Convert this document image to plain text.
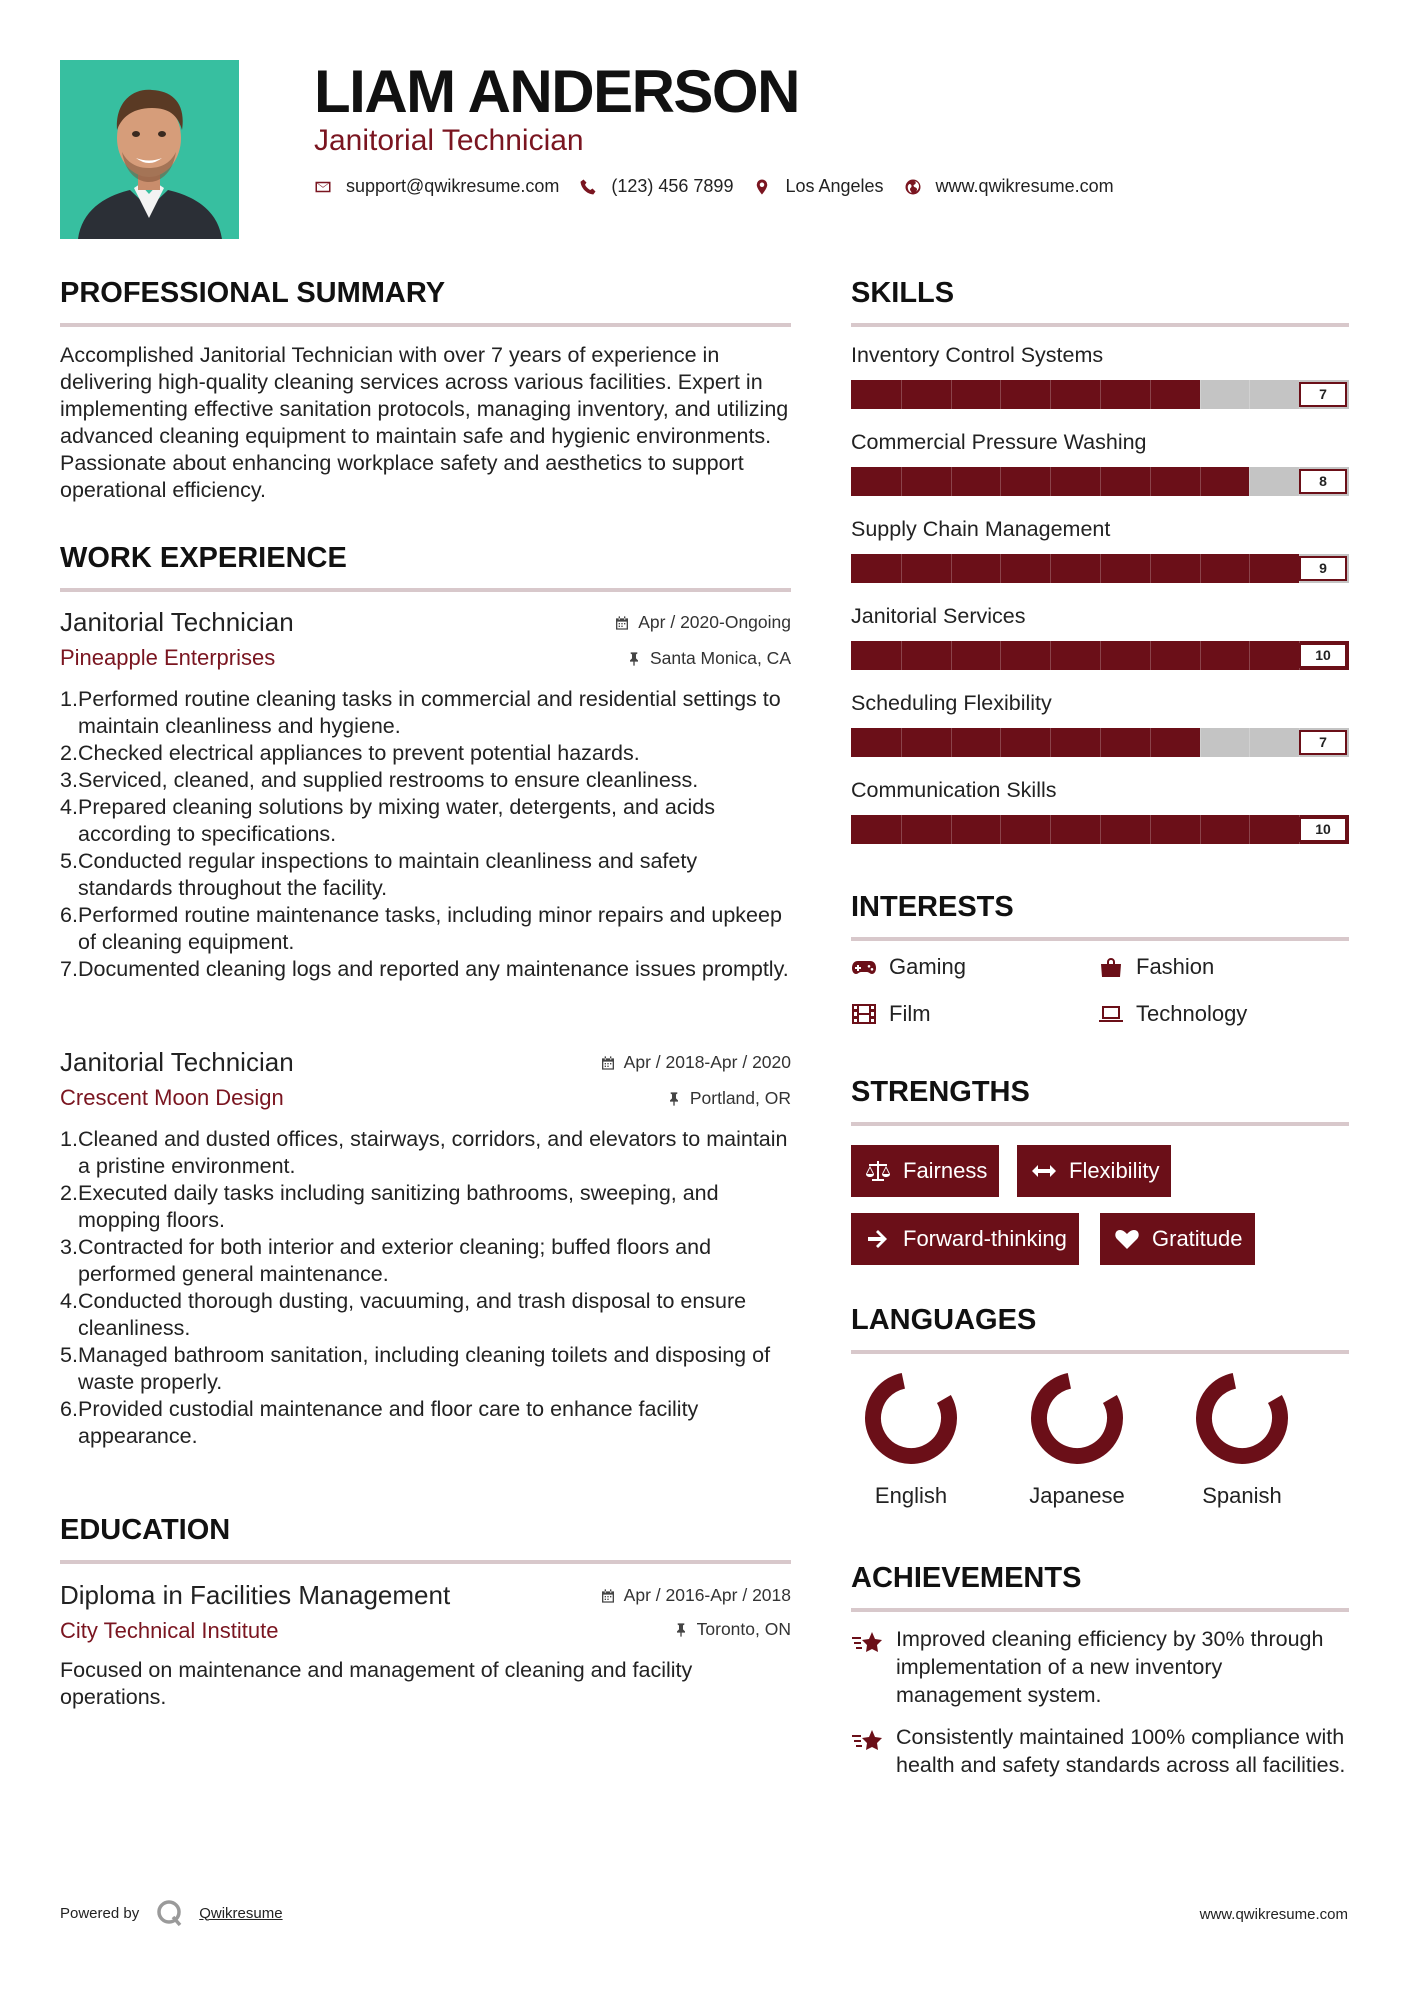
LIAM ANDERSON
Janitorial Technician
support@qwikresume.com	(123) 456 7899	Los Angeles	www.qwikresume.com
PROFESSIONAL SUMMARY
Accomplished Janitorial Technician with over 7 years of experience in delivering high-quality cleaning services across various facilities. Expert in implementing effective sanitation protocols, managing inventory, and utilizing advanced cleaning equipment to maintain safe and hygienic environments. Passionate about enhancing workplace safety and aesthetics to support operational efficiency.
WORK EXPERIENCE
Janitorial Technician	Apr / 2020-Ongoing
Pineapple Enterprises	Santa Monica, CA
1. Performed routine cleaning tasks in commercial and residential settings to maintain cleanliness and hygiene.
2. Checked electrical appliances to prevent potential hazards.
3. Serviced, cleaned, and supplied restrooms to ensure cleanliness.
4. Prepared cleaning solutions by mixing water, detergents, and acids according to specifications.
5. Conducted regular inspections to maintain cleanliness and safety standards throughout the facility.
6. Performed routine maintenance tasks, including minor repairs and upkeep of cleaning equipment.
7. Documented cleaning logs and reported any maintenance issues promptly.
Janitorial Technician	Apr / 2018-Apr / 2020
Crescent Moon Design	Portland, OR
1. Cleaned and dusted offices, stairways, corridors, and elevators to maintain a pristine environment.
2. Executed daily tasks including sanitizing bathrooms, sweeping, and mopping floors.
3. Contracted for both interior and exterior cleaning; buffed floors and performed general maintenance.
4. Conducted thorough dusting, vacuuming, and trash disposal to ensure cleanliness.
5. Managed bathroom sanitation, including cleaning toilets and disposing of waste properly.
6. Provided custodial maintenance and floor care to enhance facility appearance.
EDUCATION
Diploma in Facilities Management	Apr / 2016-Apr / 2018
City Technical Institute	Toronto, ON
Focused on maintenance and management of cleaning and facility operations.
SKILLS
Inventory Control Systems
7
Commercial Pressure Washing
8
Supply Chain Management
9
Janitorial Services
10
Scheduling Flexibility
7
Communication Skills
10
INTERESTS
Gaming	Fashion
Film	Technology
STRENGTHS
Fairness	Flexibility
Forward-thinking	Gratitude
LANGUAGES
English	Japanese	Spanish
ACHIEVEMENTS
Improved cleaning efficiency by 30% through implementation of a new inventory management system.
Consistently maintained 100% compliance with health and safety standards across all facilities.
Powered by	Qwikresume	www.qwikresume.com
